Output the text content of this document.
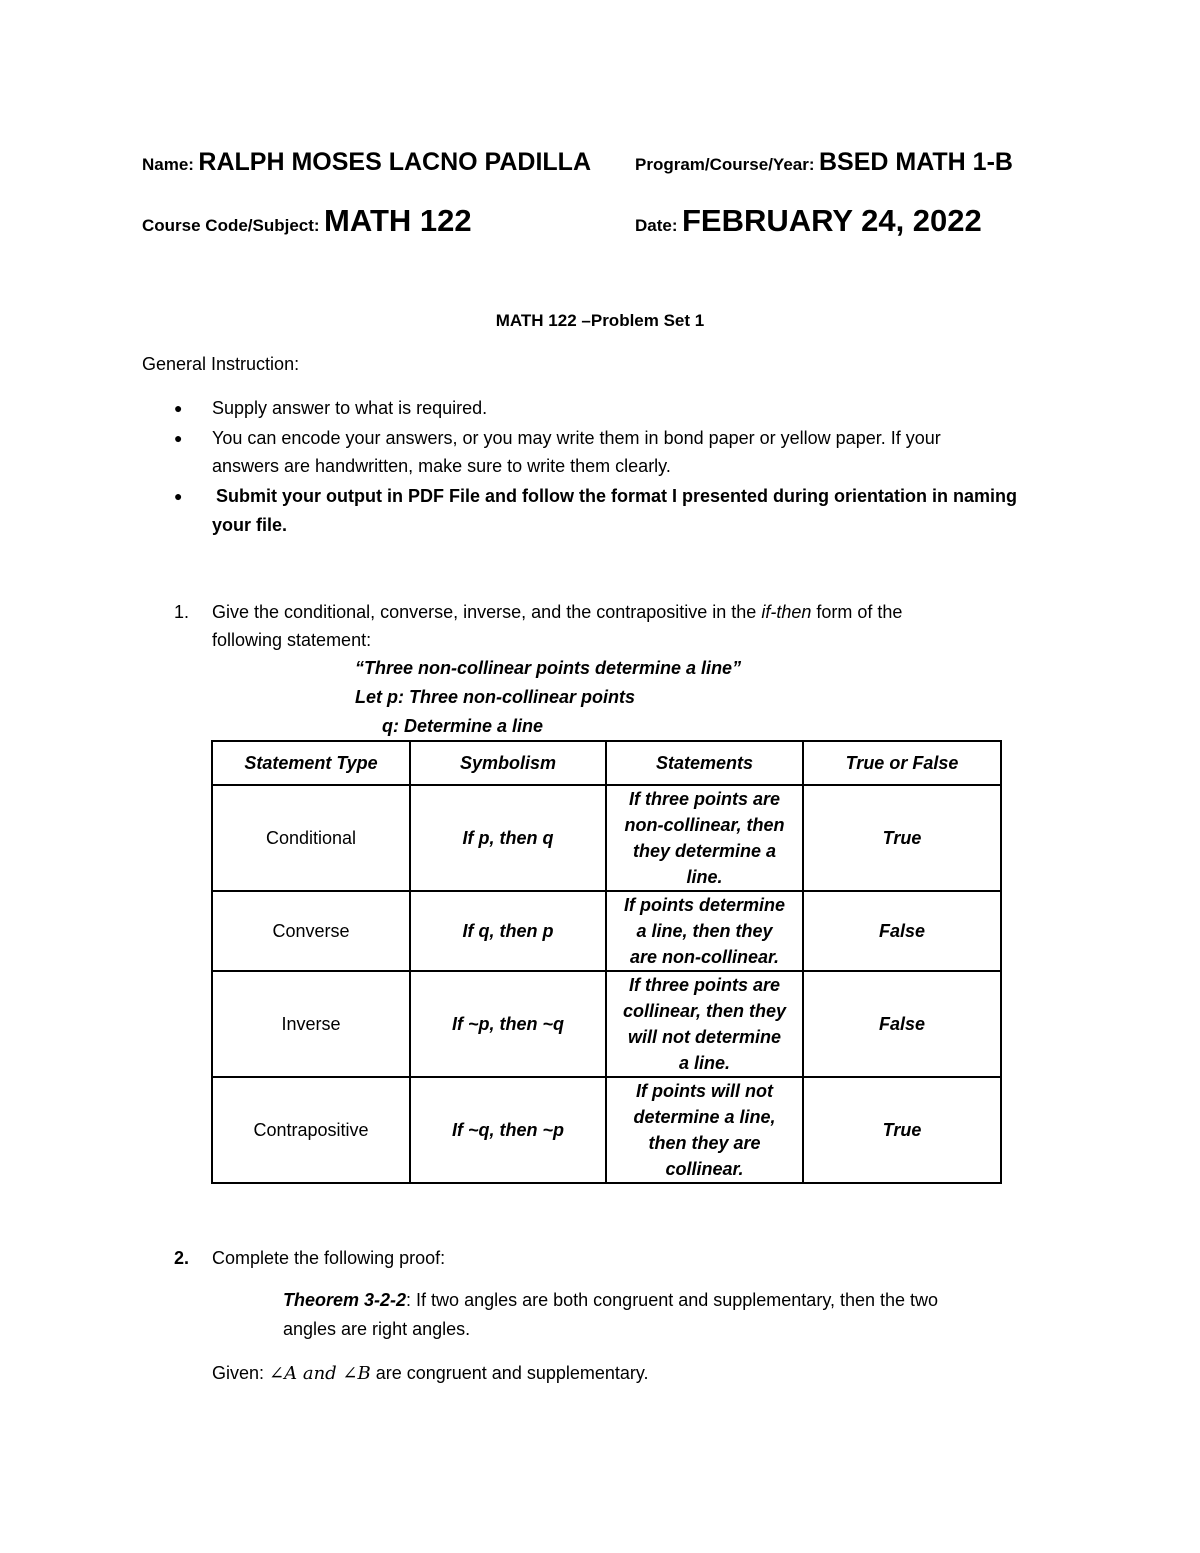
Name: RALPH MOSES LACNO PADILLA	Program/Course/Year: BSED MATH 1-B
Course Code/Subject: MATH 122	Date: FEBRUARY 24, 2022
MATH 122 –Problem Set 1
General Instruction:
● Supply answer to what is required.
● You can encode your answers, or you may write them in bond paper or yellow paper. If your
answers are handwritten, make sure to write them clearly.
● Submit your output in PDF File and follow the format I presented during orientation in naming
your file.
1. Give the conditional, converse, inverse, and the contrapositive in the if-then form of the
following statement:
“Three non-collinear points determine a line”
Let p: Three non-collinear points
q: Determine a line
Statement Type	Symbolism	Statements	True or False
Conditional	If p, then q	If three points are
non-collinear, then
they determine a
line.	True
Converse	If q, then p	If points determine
a line, then they
are non-collinear.	False
Inverse	If ~p, then ~q	If three points are
collinear, then they
will not determine
a line.	False
Contrapositive	If ~q, then ~p	If points will not
determine a line,
then they are
collinear.	True
2. Complete the following proof:
Theorem 3-2-2: If two angles are both congruent and supplementary, then the two
angles are right angles.
Given: ∠A and ∠B are congruent and supplementary.
